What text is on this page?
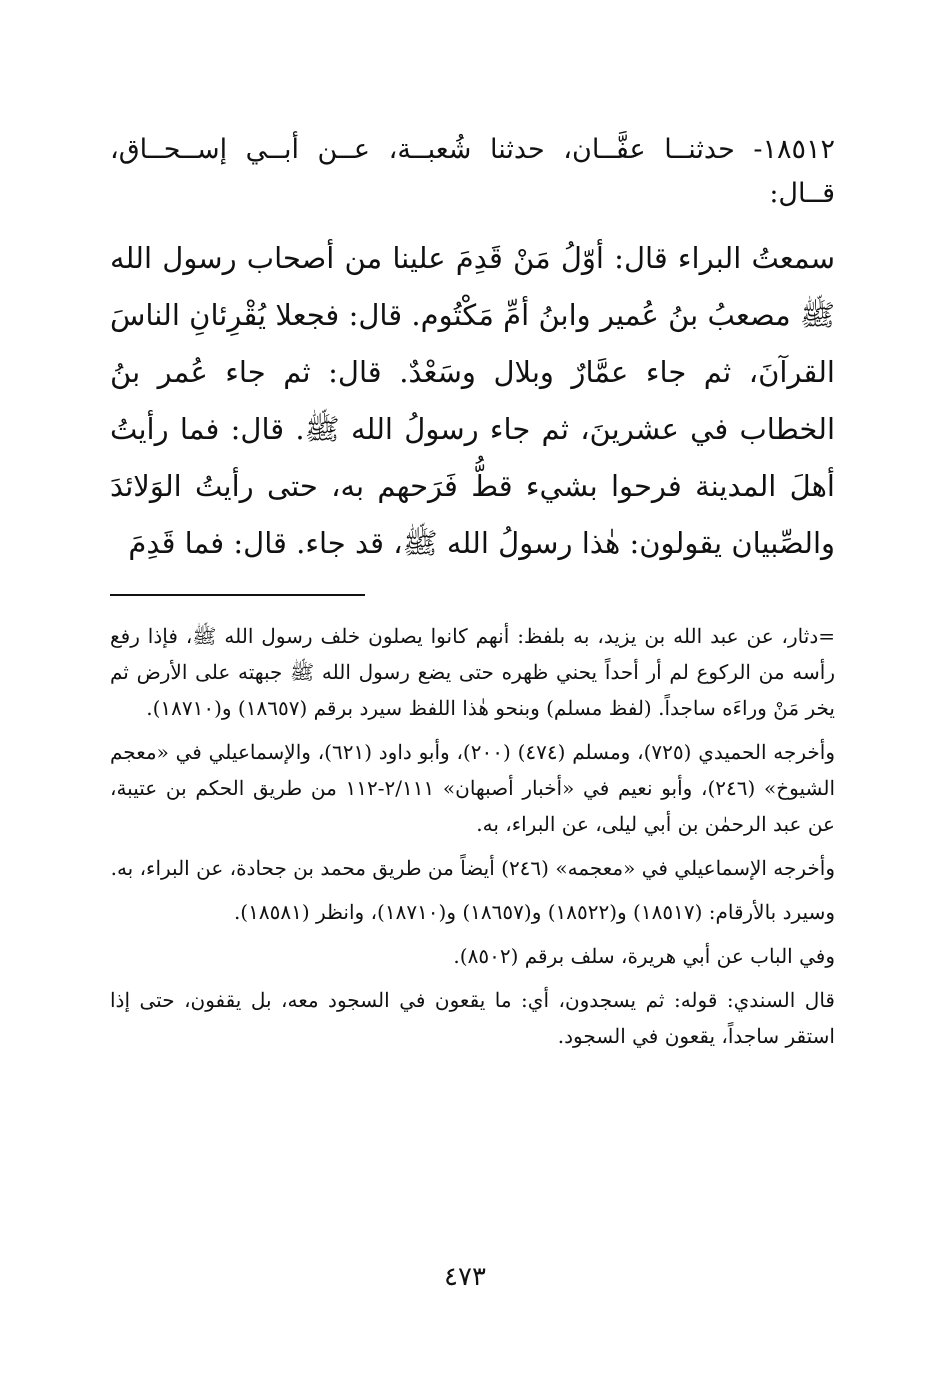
١٨٥١٢- حدثنــا عفَّــان، حدثنا شُعبــة، عــن أبــي إســحــاق، قــال:

سمعتُ البراء قال: أوّلُ مَنْ قَدِمَ علينا من أصحاب رسول الله ﷺ مصعبُ بنُ عُمير وابنُ أمِّ مَكْتُوم. قال: فجعلا يُقْرِئانِ الناسَ القرآنَ، ثم جاء عمَّارٌ وبلال وسَعْدٌ. قال: ثم جاء عُمر بنُ الخطاب في عشرينَ، ثم جاء رسولُ الله ﷺ. قال: فما رأيتُ أهلَ المدينة فرحوا بشيء قطُّ فَرَحهم به، حتى رأيتُ الوَلائدَ والصِّبيان يقولون: هٰذا رسولُ الله ﷺ، قد جاء. قال: فما قَدِمَ

=دثار، عن عبد الله بن يزيد، به بلفظ: أنهم كانوا يصلون خلف رسول الله ﷺ، فإذا رفع رأسه من الركوع لم أر أحداً يحني ظهره حتى يضع رسول الله ﷺ جبهته على الأرض ثم يخر مَنْ وراءَه ساجداً. (لفظ مسلم) وبنحو هٰذا اللفظ سيرد برقم (١٨٦٥٧) و(١٨٧١٠).

وأخرجه الحميدي (٧٢٥)، ومسلم (٤٧٤) (٢٠٠)، وأبو داود (٦٢١)، والإسماعيلي في «معجم الشيوخ» (٢٤٦)، وأبو نعيم في «أخبار أصبهان» ٢/١١١-١١٢ من طريق الحكم بن عتيبة، عن عبد الرحمٰن بن أبي ليلى، عن البراء، به.

وأخرجه الإسماعيلي في «معجمه» (٢٤٦) أيضاً من طريق محمد بن جحادة، عن البراء، به.

وسيرد بالأرقام: (١٨٥١٧) و(١٨٥٢٢) و(١٨٦٥٧) و(١٨٧١٠)، وانظر (١٨٥٨١).

وفي الباب عن أبي هريرة، سلف برقم (٨٥٠٢).

قال السندي: قوله: ثم يسجدون، أي: ما يقعون في السجود معه، بل يقفون، حتى إذا استقر ساجداً، يقعون في السجود.

٤٧٣
